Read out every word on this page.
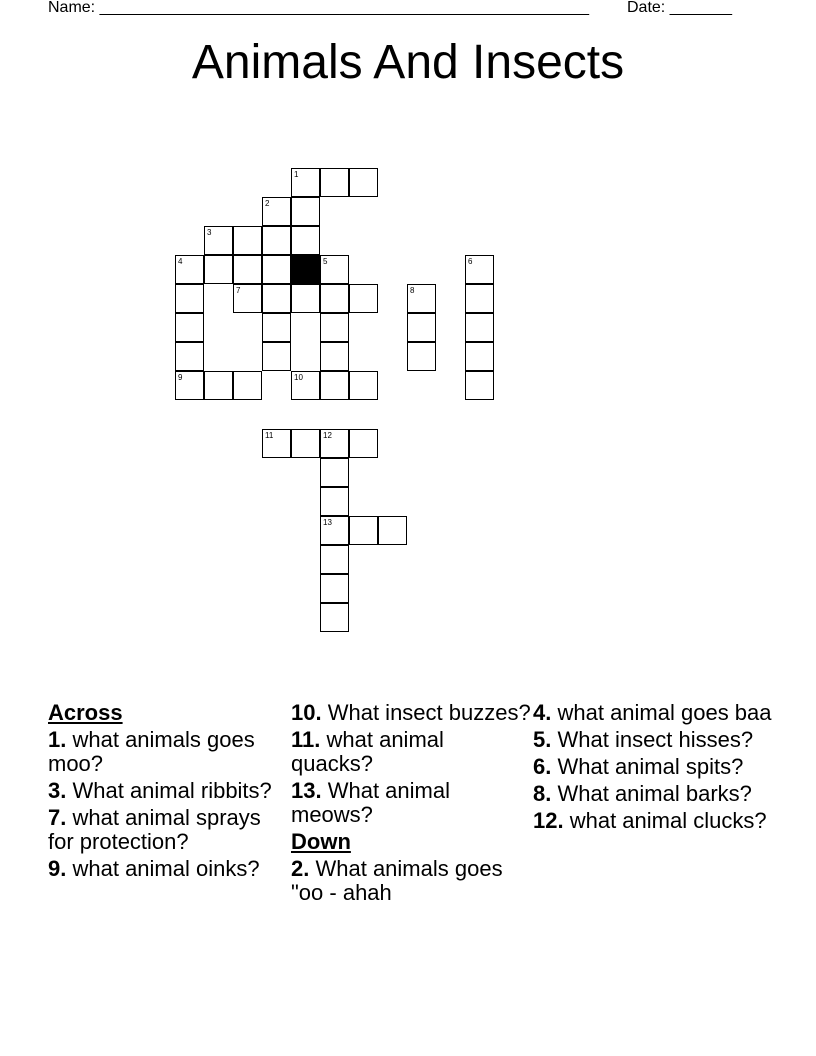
Name: _______________________________________________________ Date: _______
Animals And Insects
1
2
3
4	5	6
7	8
9	10
11	12
13
Across
1. what animals goes moo?
3. What animal ribbits?
7. what animal sprays for protection?
9. what animal oinks?
10. What insect buzzes?
11. what animal quacks?
13. What animal meows?
Down
2. What animals goes "oo - ahah
4. what animal goes baa
5. What insect hisses?
6. What animal spits?
8. What animal barks?
12. what animal clucks?
